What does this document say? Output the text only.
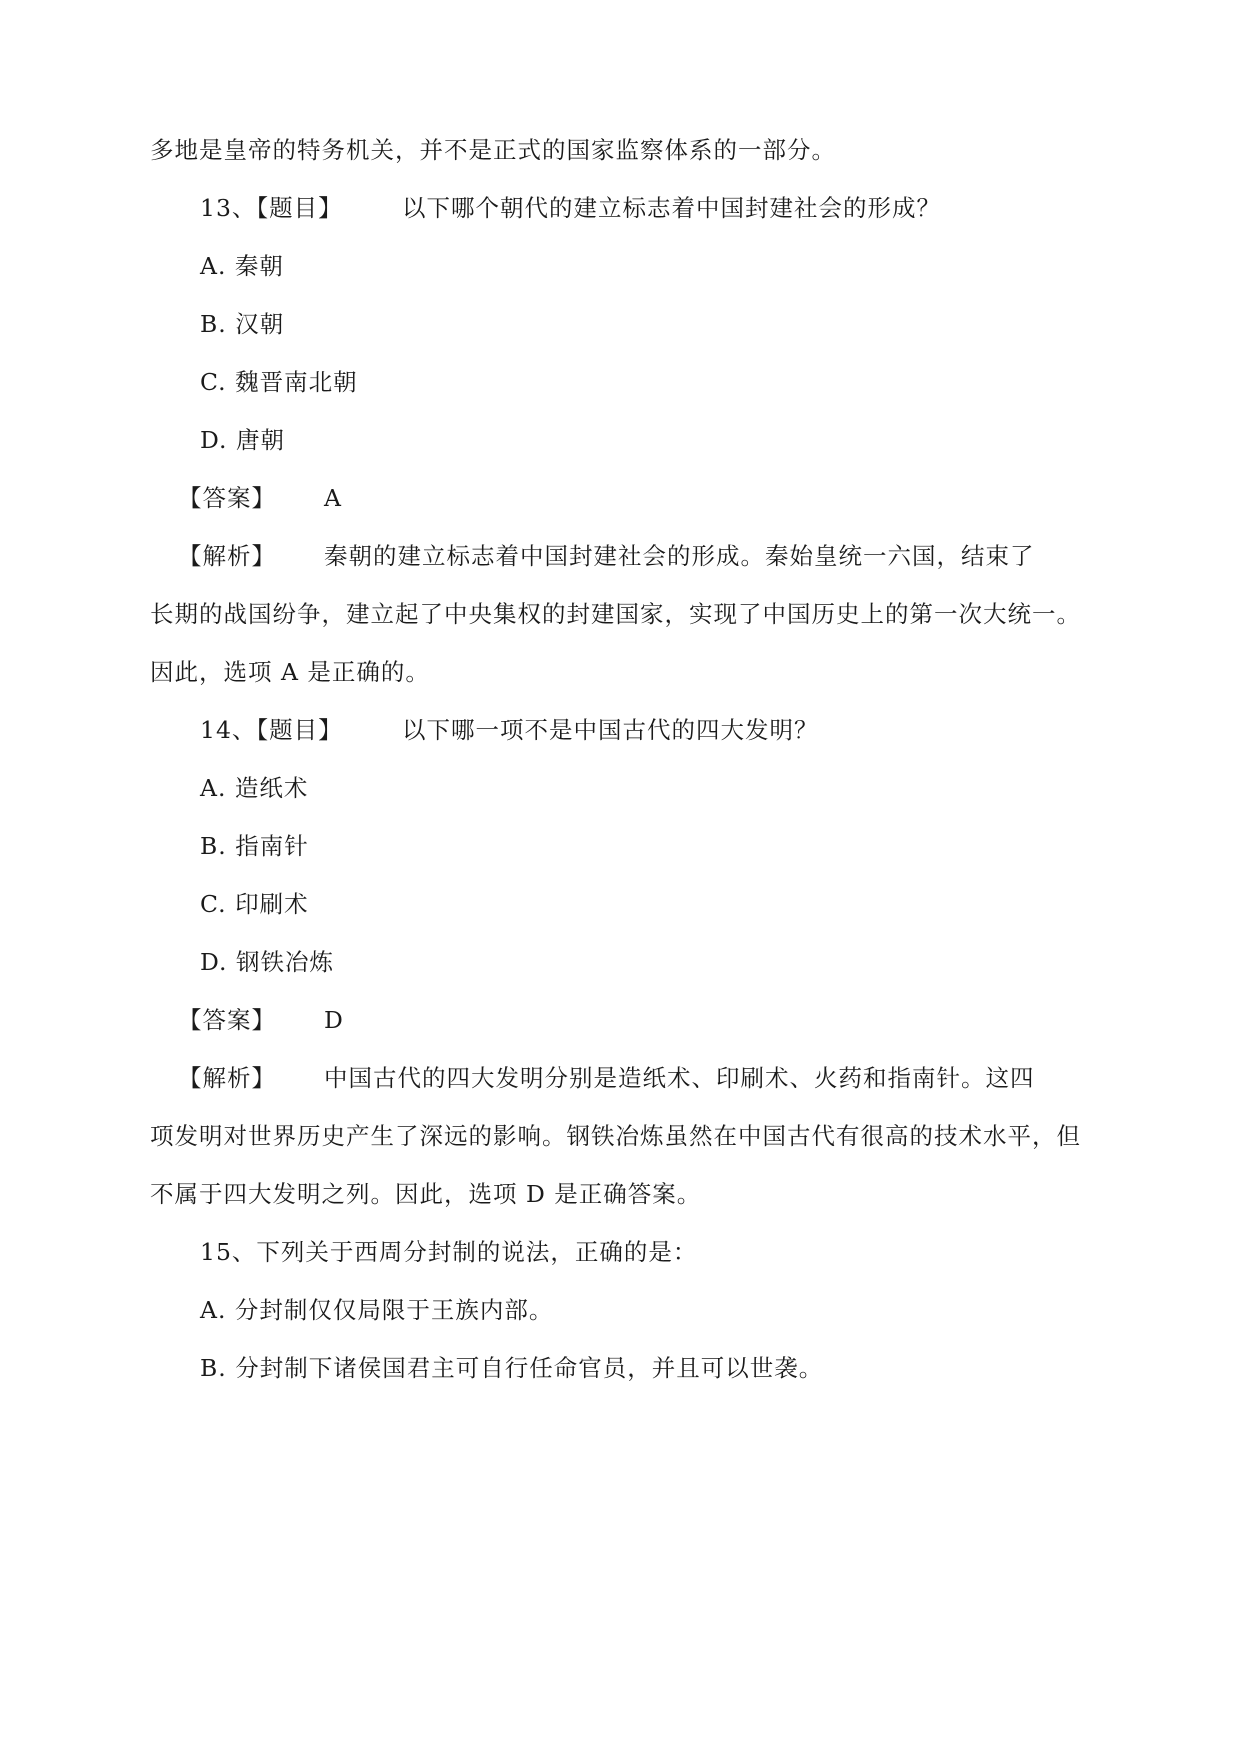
多地是皇帝的特务机关，并不是正式的国家监察体系的一部分。
13、【题目】	以下哪个朝代的建立标志着中国封建社会的形成？
A. 秦朝
B. 汉朝
C. 魏晋南北朝
D. 唐朝
【答案】 A
【解析】 秦朝的建立标志着中国封建社会的形成。秦始皇统一六国，结束了
长期的战国纷争，建立起了中央集权的封建国家，实现了中国历史上的第一次大统一。
因此，选项 A 是正确的。
14、【题目】	以下哪一项不是中国古代的四大发明？
A. 造纸术
B. 指南针
C. 印刷术
D. 钢铁冶炼
【答案】 D
【解析】 中国古代的四大发明分别是造纸术、印刷术、火药和指南针。这四
项发明对世界历史产生了深远的影响。钢铁冶炼虽然在中国古代有很高的技术水平，但
不属于四大发明之列。因此，选项 D 是正确答案。
15、下列关于西周分封制的说法，正确的是：
A. 分封制仅仅局限于王族内部。
B. 分封制下诸侯国君主可自行任命官员，并且可以世袭。
